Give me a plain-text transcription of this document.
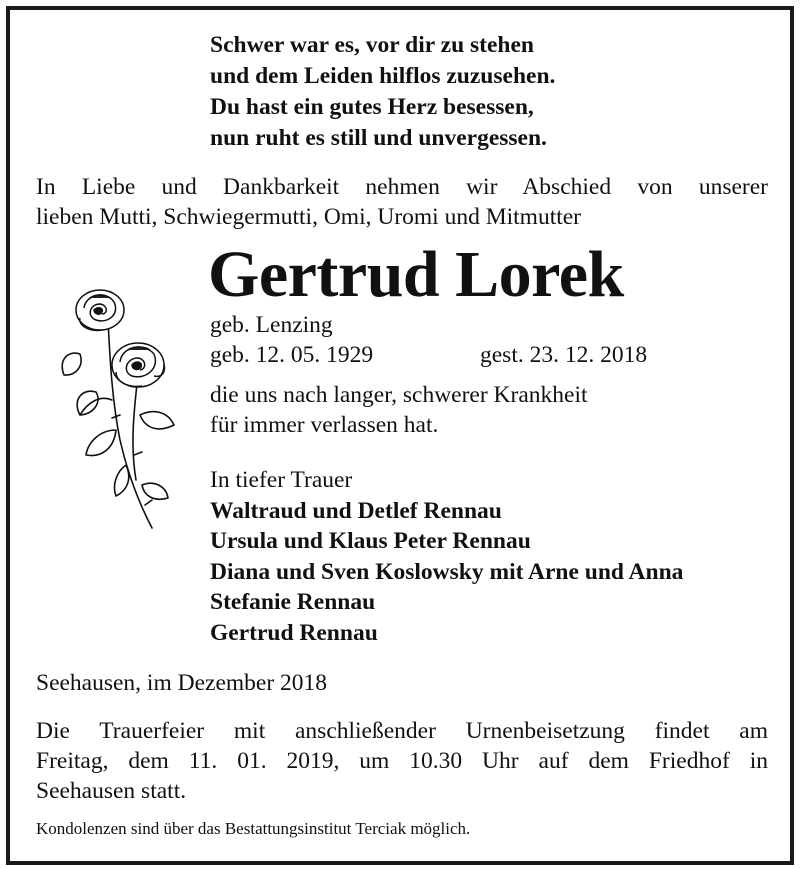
Schwer war es, vor dir zu stehen
und dem Leiden hilflos zuzusehen.
Du hast ein gutes Herz besessen,
nun ruht es still und unvergessen.
In Liebe und Dankbarkeit nehmen wir Abschied von unserer
lieben Mutti, Schwiegermutti, Omi, Uromi und Mitmutter
Gertrud Lorek
geb. Lenzing
geb. 12. 05. 1929	gest. 23. 12. 2018
die uns nach langer, schwerer Krankheit
für immer verlassen hat.
In tiefer Trauer
Waltraud und Detlef Rennau
Ursula und Klaus Peter Rennau
Diana und Sven Koslowsky mit Arne und Anna
Stefanie Rennau
Gertrud Rennau
Seehausen, im Dezember 2018
Die Trauerfeier mit anschließender Urnenbeisetzung findet am
Freitag, dem 11. 01. 2019, um 10.30 Uhr auf dem Friedhof in
Seehausen statt.
Kondolenzen sind über das Bestattungsinstitut Terciak möglich.
